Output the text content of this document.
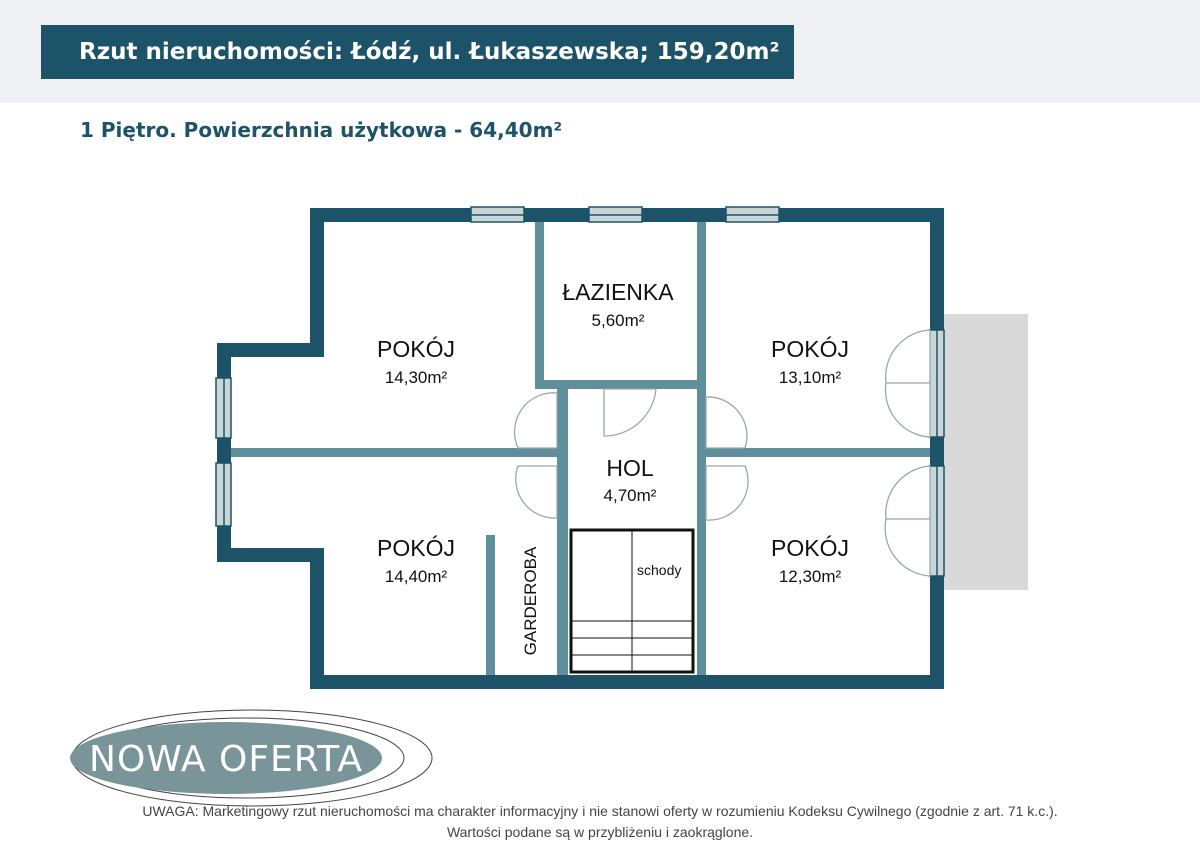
Rzut nieruchomości: Łódź, ul. Łukaszewska; 159,20m²
1 Piętro. Powierzchnia użytkowa - 64,40m²
schody
ŁAZIENKA
5,60m²
POKÓJ
14,30m²
POKÓJ
13,10m²
HOL
4,70m²
POKÓJ
14,40m²
POKÓJ
12,30m²
GARDEROBA
NOWA OFERTA
UWAGA: Marketingowy rzut nieruchomości ma charakter informacyjny i nie stanowi oferty w rozumieniu Kodeksu Cywilnego (zgodnie z art. 71 k.c.).
Wartości podane są w przybliżeniu i zaokrąglone.
